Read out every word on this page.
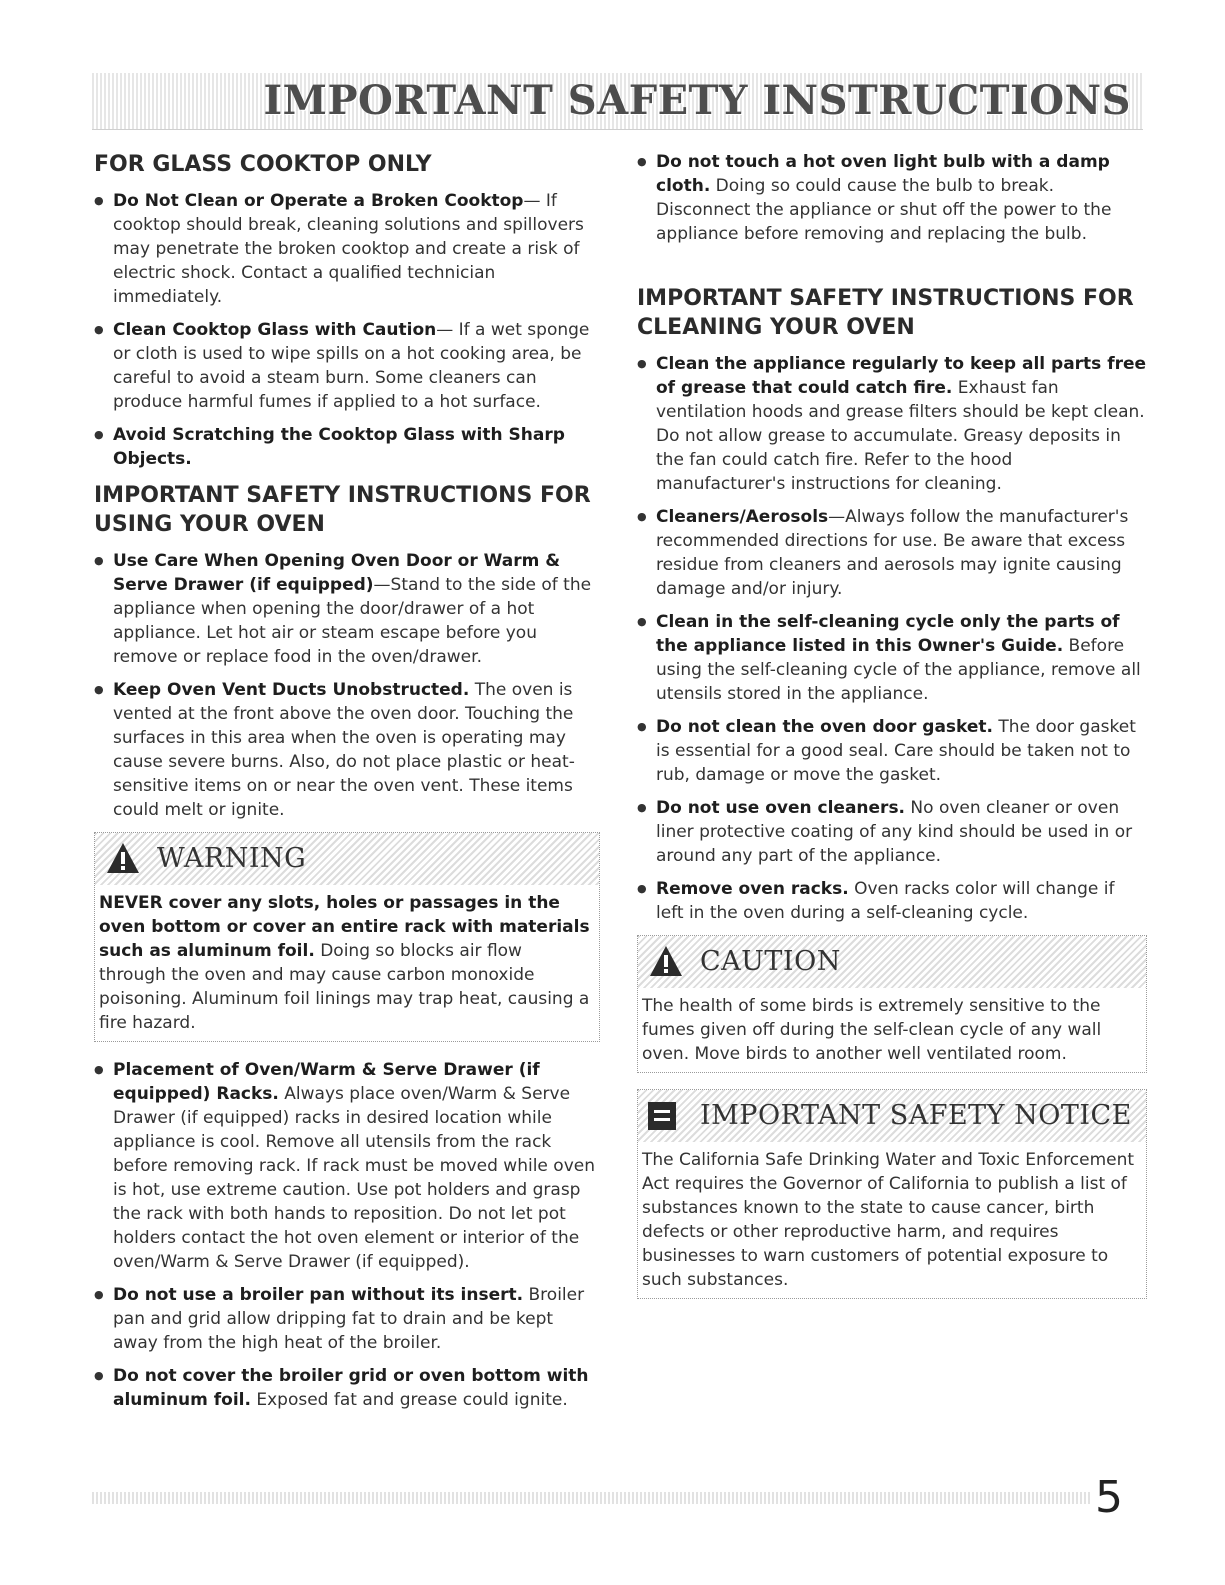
IMPORTANT SAFETY INSTRUCTIONS
FOR GLASS COOKTOP ONLY
● Do Not Clean or Operate a Broken Cooktop— If cooktop should break, cleaning solutions and spillovers may penetrate the broken cooktop and create a risk of electric shock. Contact a qualified technician immediately.
● Clean Cooktop Glass with Caution— If a wet sponge or cloth is used to wipe spills on a hot cooking area, be careful to avoid a steam burn. Some cleaners can produce harmful fumes if applied to a hot surface.
● Avoid Scratching the Cooktop Glass with Sharp Objects.
IMPORTANT SAFETY INSTRUCTIONS FOR USING YOUR OVEN
● Use Care When Opening Oven Door or Warm & Serve Drawer (if equipped)—Stand to the side of the appliance when opening the door/drawer of a hot appliance. Let hot air or steam escape before you remove or replace food in the oven/drawer.
● Keep Oven Vent Ducts Unobstructed. The oven is vented at the front above the oven door. Touching the surfaces in this area when the oven is operating may cause severe burns. Also, do not place plastic or heat-sensitive items on or near the oven vent. These items could melt or ignite.
WARNING
NEVER cover any slots, holes or passages in the oven bottom or cover an entire rack with materials such as aluminum foil. Doing so blocks air flow through the oven and may cause carbon monoxide poisoning. Aluminum foil linings may trap heat, causing a fire hazard.
● Placement of Oven/Warm & Serve Drawer (if equipped) Racks. Always place oven/Warm & Serve Drawer (if equipped) racks in desired location while appliance is cool. Remove all utensils from the rack before removing rack. If rack must be moved while oven is hot, use extreme caution. Use pot holders and grasp the rack with both hands to reposition. Do not let pot holders contact the hot oven element or interior of the oven/Warm & Serve Drawer (if equipped).
● Do not use a broiler pan without its insert. Broiler pan and grid allow dripping fat to drain and be kept away from the high heat of the broiler.
● Do not cover the broiler grid or oven bottom with aluminum foil. Exposed fat and grease could ignite.
● Do not touch a hot oven light bulb with a damp cloth. Doing so could cause the bulb to break. Disconnect the appliance or shut off the power to the appliance before removing and replacing the bulb.
IMPORTANT SAFETY INSTRUCTIONS FOR CLEANING YOUR OVEN
● Clean the appliance regularly to keep all parts free of grease that could catch fire. Exhaust fan ventilation hoods and grease filters should be kept clean. Do not allow grease to accumulate. Greasy deposits in the fan could catch fire. Refer to the hood manufacturer's instructions for cleaning.
● Cleaners/Aerosols—Always follow the manufacturer's recommended directions for use. Be aware that excess residue from cleaners and aerosols may ignite causing damage and/or injury.
● Clean in the self-cleaning cycle only the parts of the appliance listed in this Owner's Guide. Before using the self-cleaning cycle of the appliance, remove all utensils stored in the appliance.
● Do not clean the oven door gasket. The door gasket is essential for a good seal. Care should be taken not to rub, damage or move the gasket.
● Do not use oven cleaners. No oven cleaner or oven liner protective coating of any kind should be used in or around any part of the appliance.
● Remove oven racks. Oven racks color will change if left in the oven during a self-cleaning cycle.
CAUTION
The health of some birds is extremely sensitive to the fumes given off during the self-clean cycle of any wall oven. Move birds to another well ventilated room.
IMPORTANT SAFETY NOTICE
The California Safe Drinking Water and Toxic Enforcement Act requires the Governor of California to publish a list of substances known to the state to cause cancer, birth defects or other reproductive harm, and requires businesses to warn customers of potential exposure to such substances.
5
